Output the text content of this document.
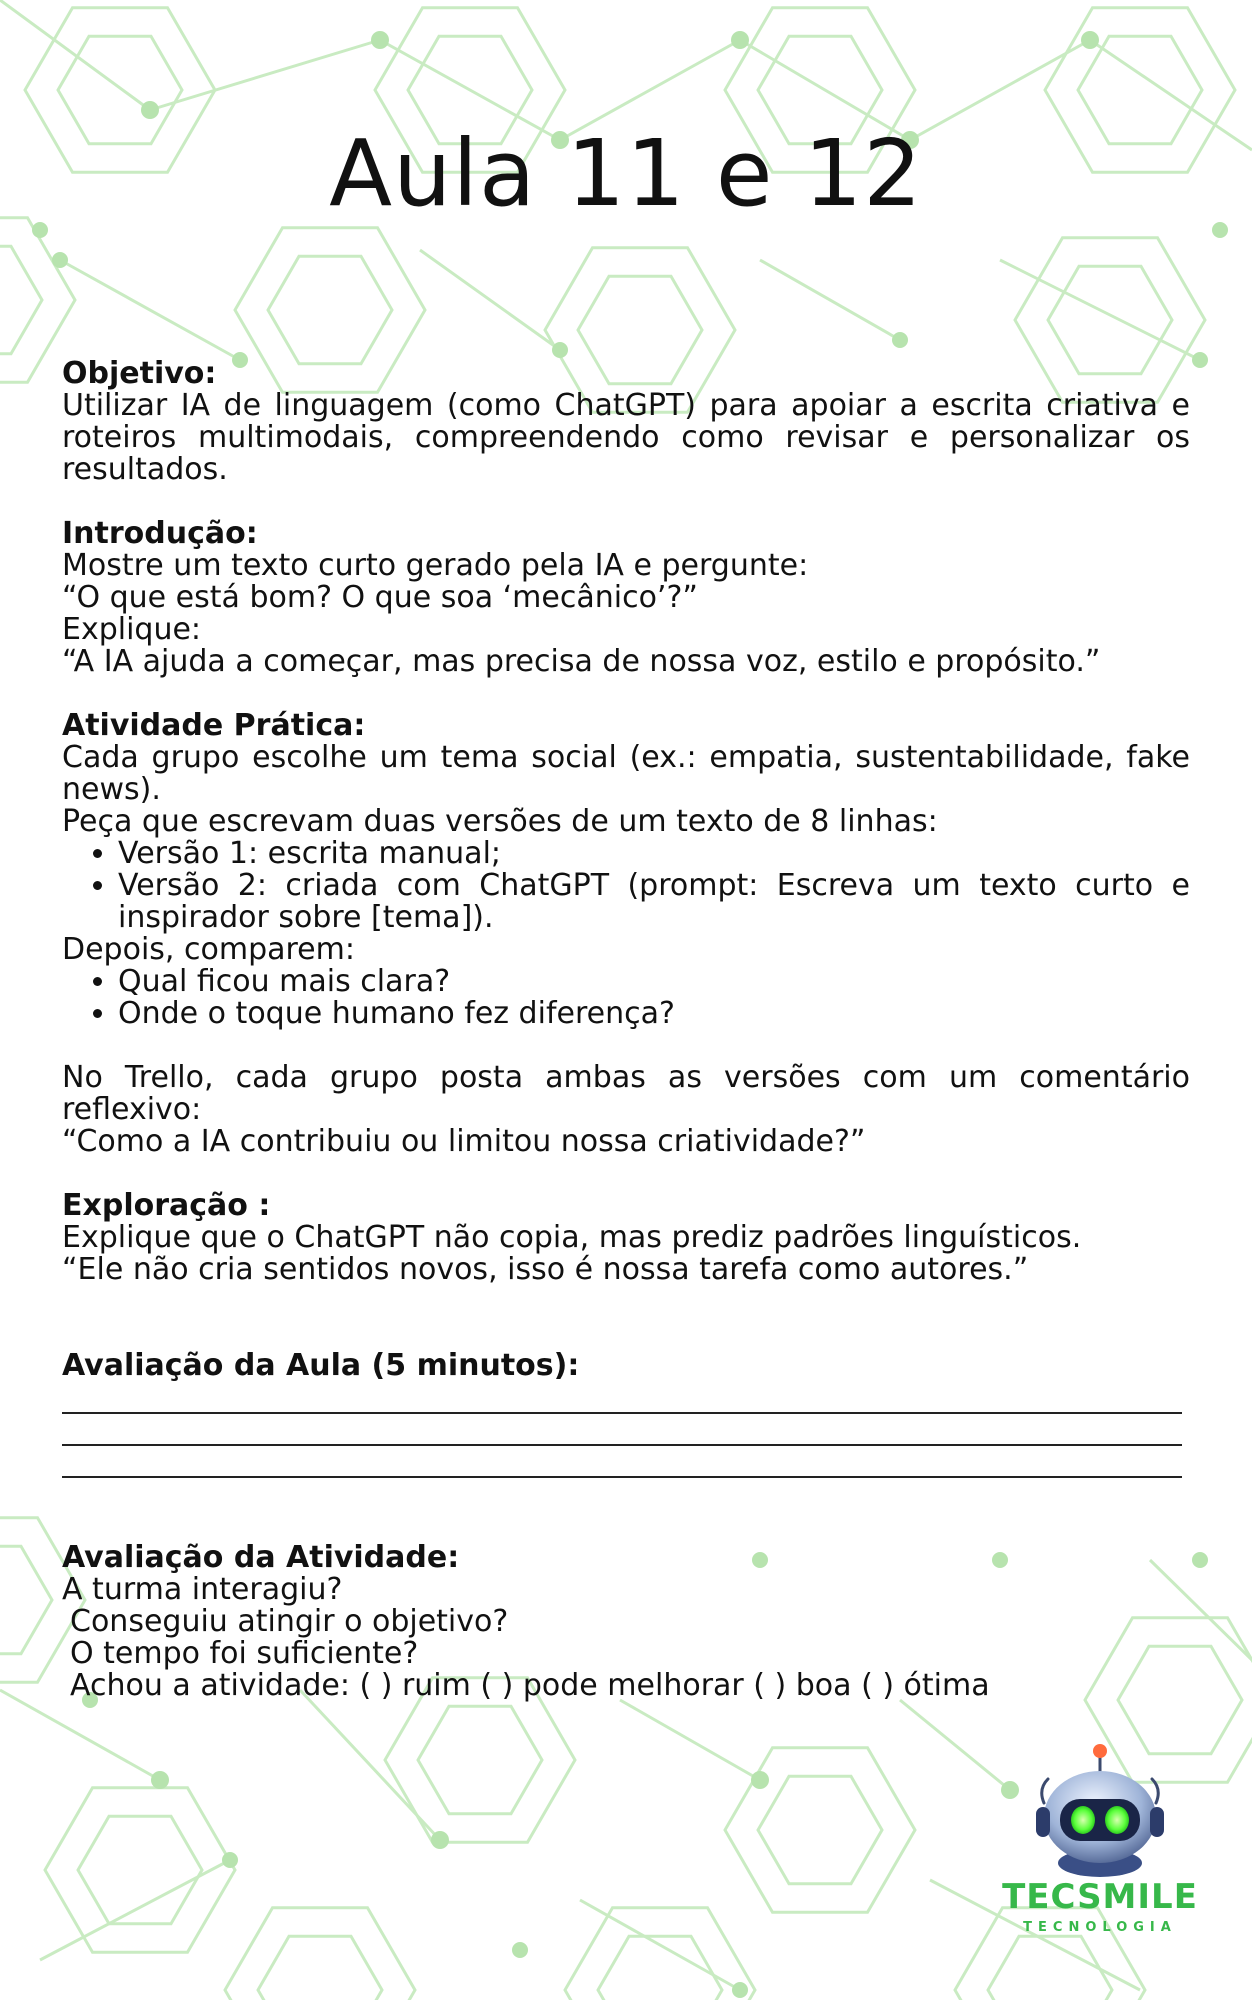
Aula 11 e 12

Objetivo:

Utilizar IA de linguagem (como ChatGPT) para apoiar a escrita criativa e roteiros multimodais, compreendendo como revisar e personalizar os resultados.

Introdução:

Mostre um texto curto gerado pela IA e pergunte:

“O que está bom? O que soa ‘mecânico’?”

Explique:

“A IA ajuda a começar, mas precisa de nossa voz, estilo e propósito.”

Atividade Prática:

Cada grupo escolhe um tema social (ex.: empatia, sustentabilidade, fake news).

Peça que escrevam duas versões de um texto de 8 linhas:

• Versão 1: escrita manual;
• Versão 2: criada com ChatGPT (prompt: Escreva um texto curto e inspirador sobre [tema]).

Depois, comparem:

• Qual ficou mais clara?
• Onde o toque humano fez diferença?

No Trello, cada grupo posta ambas as versões com um comentário reflexivo:

“Como a IA contribuiu ou limitou nossa criatividade?”

Exploração :

Explique que o ChatGPT não copia, mas prediz padrões linguísticos.

“Ele não cria sentidos novos, isso é nossa tarefa como autores.”

Avaliação da Aula (5 minutos):

Avaliação da Atividade:

A turma interagiu?

Conseguiu atingir o objetivo?

O tempo foi suficiente?

Achou a atividade: ( ) ruim ( ) pode melhorar ( ) boa ( ) ótima

TECSMILE
TECNOLOGIA
